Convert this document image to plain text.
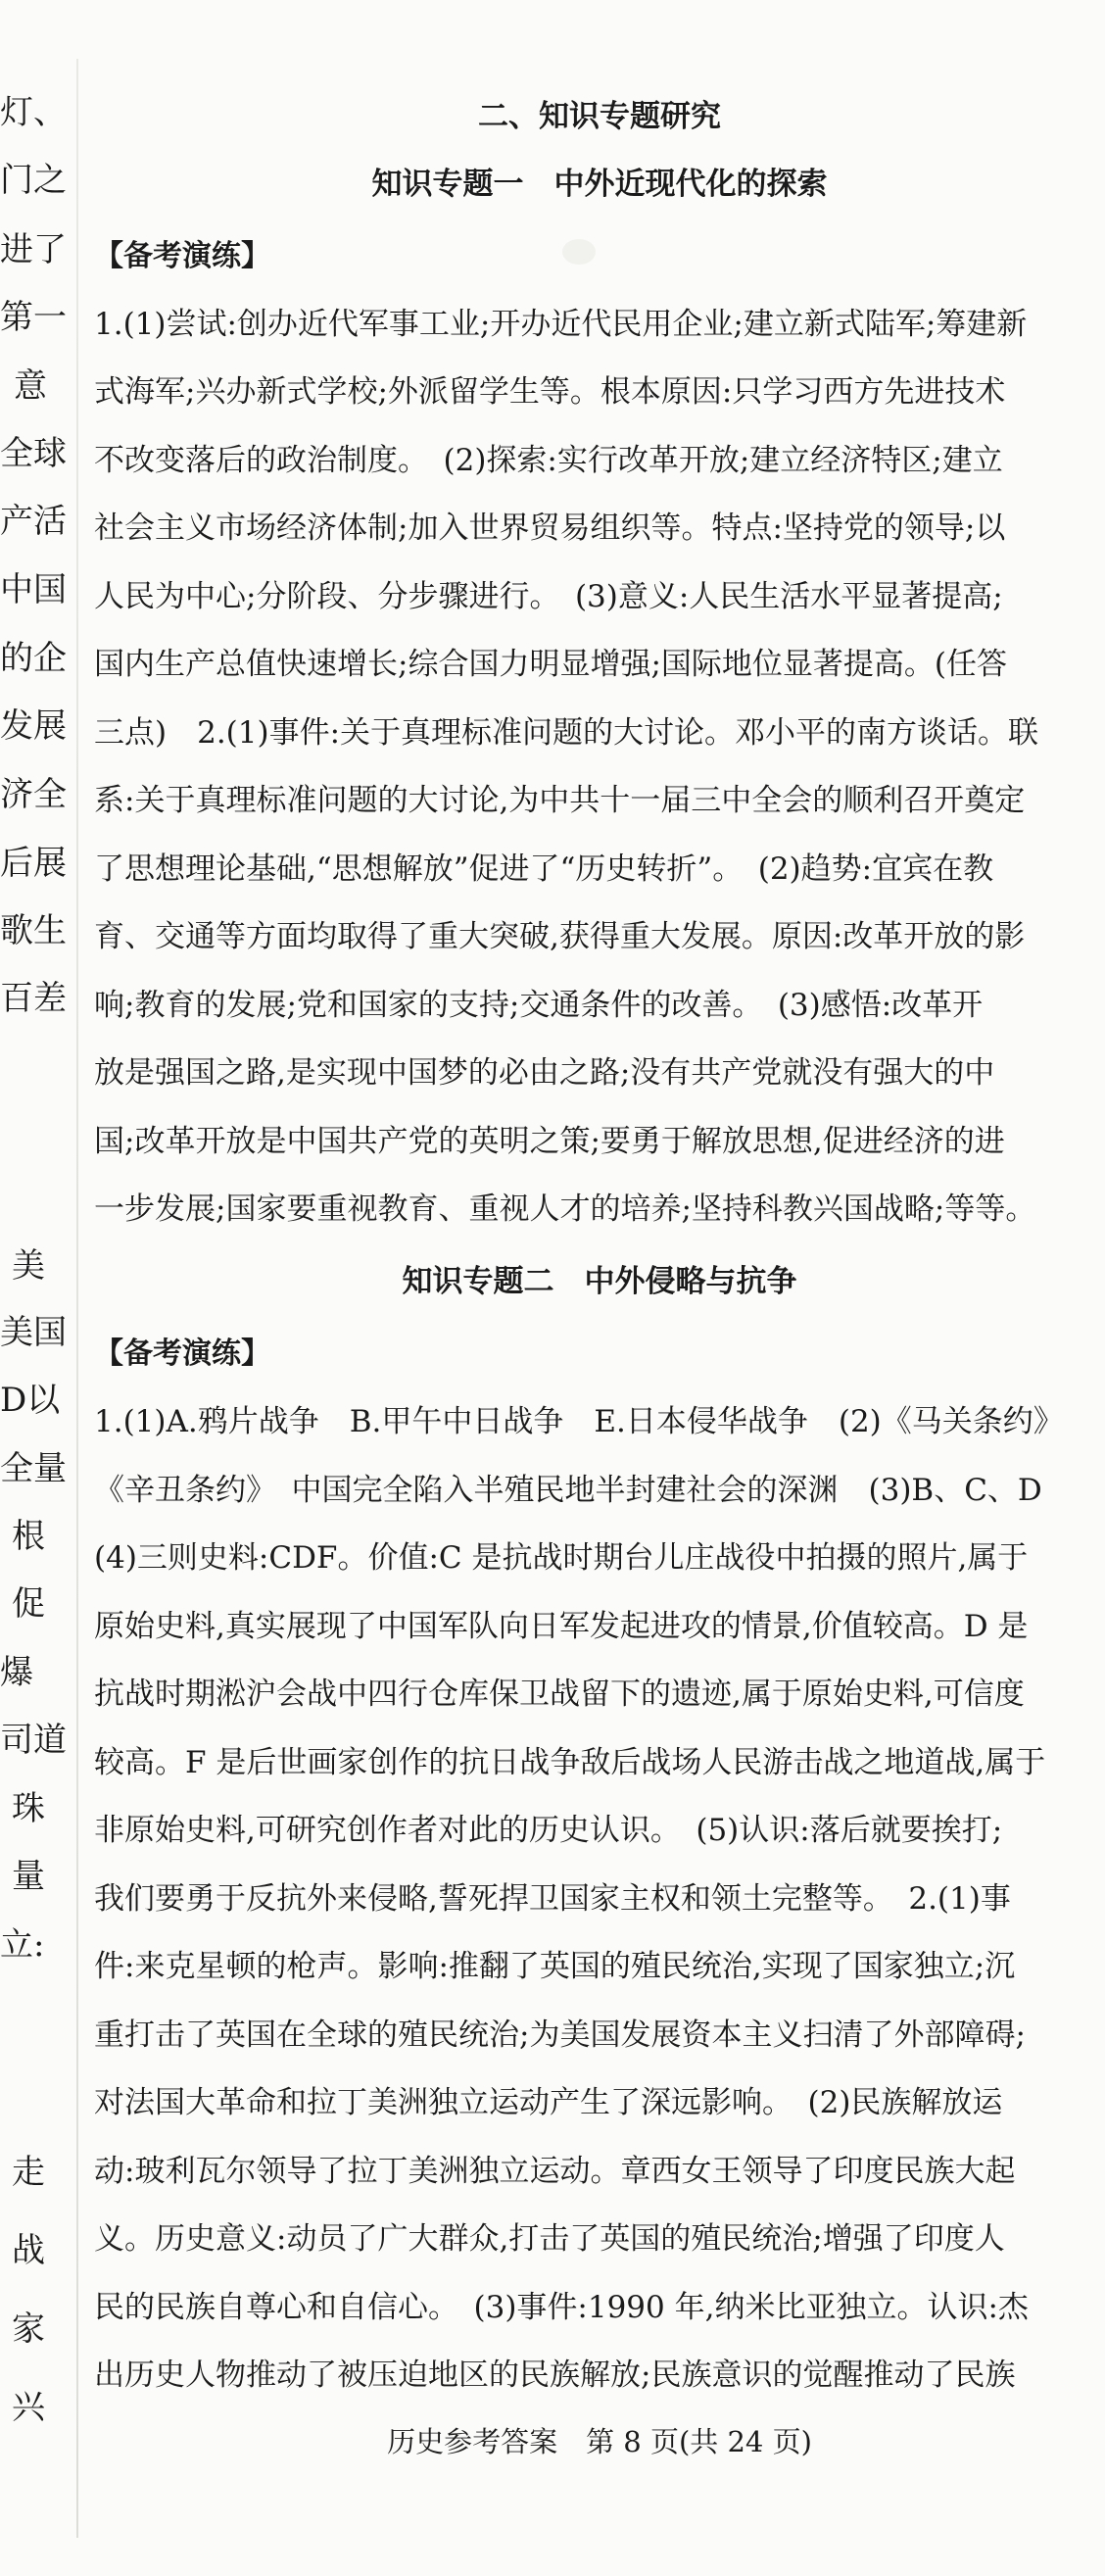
灯、
门之
进了
第一
意
全球
产活
中国
的企
发展
济全
后展
歌生
百差
美
美国
D以
全量
根
促
爆
司道
珠
量
立:
走
战
家
兴
二、知识专题研究
知识专题一　中外近现代化的探索
【备考演练】
1.(1)尝试:创办近代军事工业;开办近代民用企业;建立新式陆军;筹建新
式海军;兴办新式学校;外派留学生等。根本原因:只学习西方先进技术
不改变落后的政治制度。　(2)探索:实行改革开放;建立经济特区;建立
社会主义市场经济体制;加入世界贸易组织等。特点:坚持党的领导;以
人民为中心;分阶段、分步骤进行。　(3)意义:人民生活水平显著提高;
国内生产总值快速增长;综合国力明显增强;国际地位显著提高。(任答
三点)　2.(1)事件:关于真理标准问题的大讨论。邓小平的南方谈话。联
系:关于真理标准问题的大讨论,为中共十一届三中全会的顺利召开奠定
了思想理论基础,“思想解放”促进了“历史转折”。　(2)趋势:宜宾在教
育、交通等方面均取得了重大突破,获得重大发展。原因:改革开放的影
响;教育的发展;党和国家的支持;交通条件的改善。　(3)感悟:改革开
放是强国之路,是实现中国梦的必由之路;没有共产党就没有强大的中
国;改革开放是中国共产党的英明之策;要勇于解放思想,促进经济的进
一步发展;国家要重视教育、重视人才的培养;坚持科教兴国战略;等等。
知识专题二　中外侵略与抗争
【备考演练】
1.(1)A.鸦片战争　B.甲午中日战争　E.日本侵华战争　(2)《马关条约》
《辛丑条约》　中国完全陷入半殖民地半封建社会的深渊　(3)B、C、D
(4)三则史料:CDF。价值:C 是抗战时期台儿庄战役中拍摄的照片,属于
原始史料,真实展现了中国军队向日军发起进攻的情景,价值较高。D 是
抗战时期淞沪会战中四行仓库保卫战留下的遗迹,属于原始史料,可信度
较高。F 是后世画家创作的抗日战争敌后战场人民游击战之地道战,属于
非原始史料,可研究创作者对此的历史认识。　(5)认识:落后就要挨打;
我们要勇于反抗外来侵略,誓死捍卫国家主权和领土完整等。　2.(1)事
件:来克星顿的枪声。影响:推翻了英国的殖民统治,实现了国家独立;沉
重打击了英国在全球的殖民统治;为美国发展资本主义扫清了外部障碍;
对法国大革命和拉丁美洲独立运动产生了深远影响。　(2)民族解放运
动:玻利瓦尔领导了拉丁美洲独立运动。章西女王领导了印度民族大起
义。历史意义:动员了广大群众,打击了英国的殖民统治;增强了印度人
民的民族自尊心和自信心。　(3)事件:1990 年,纳米比亚独立。认识:杰
出历史人物推动了被压迫地区的民族解放;民族意识的觉醒推动了民族
历史参考答案　第 8 页(共 24 页)
